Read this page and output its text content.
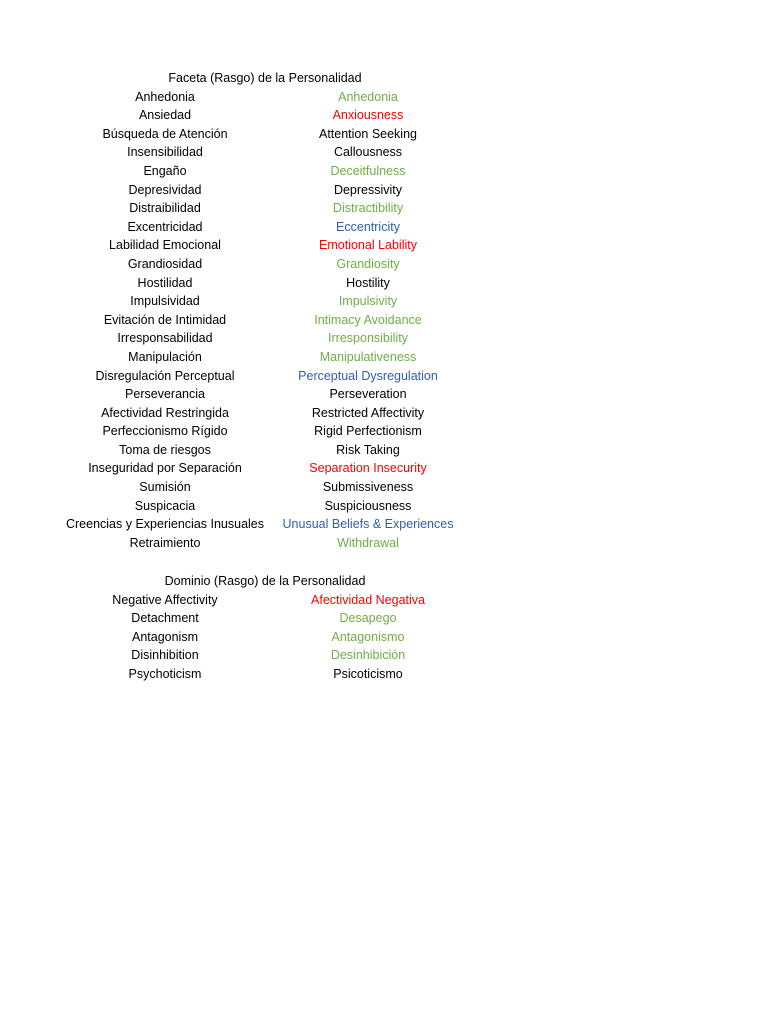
Faceta (Rasgo) de la Personalidad
Anhedonia	Anhedonia
Ansiedad	Anxiousness
Búsqueda de Atención	Attention Seeking
Insensibilidad	Callousness
Engaño	Deceitfulness
Depresividad	Depressivity
Distraibilidad	Distractibility
Excentricidad	Eccentricity
Labilidad Emocional	Emotional Lability
Grandiosidad	Grandiosity
Hostilidad	Hostility
Impulsividad	Impulsivity
Evitación de Intimidad	Intimacy Avoidance
Irresponsabilidad	Irresponsibility
Manipulación	Manipulativeness
Disregulación Perceptual	Perceptual Dysregulation
Perseverancia	Perseveration
Afectividad Restringida	Restricted Affectivity
Perfeccionismo Rígido	Rigid Perfectionism
Toma de riesgos	Risk Taking
Inseguridad por Separación	Separation Insecurity
Sumisión	Submissiveness
Suspicacia	Suspiciousness
Creencias y Experiencias Inusuales	Unusual Beliefs & Experiences
Retraimiento	Withdrawal
Dominio (Rasgo) de la Personalidad
Negative Affectivity	Afectividad Negativa
Detachment	Desapego
Antagonism	Antagonismo
Disinhibition	Desinhibición
Psychoticism	Psicoticismo
